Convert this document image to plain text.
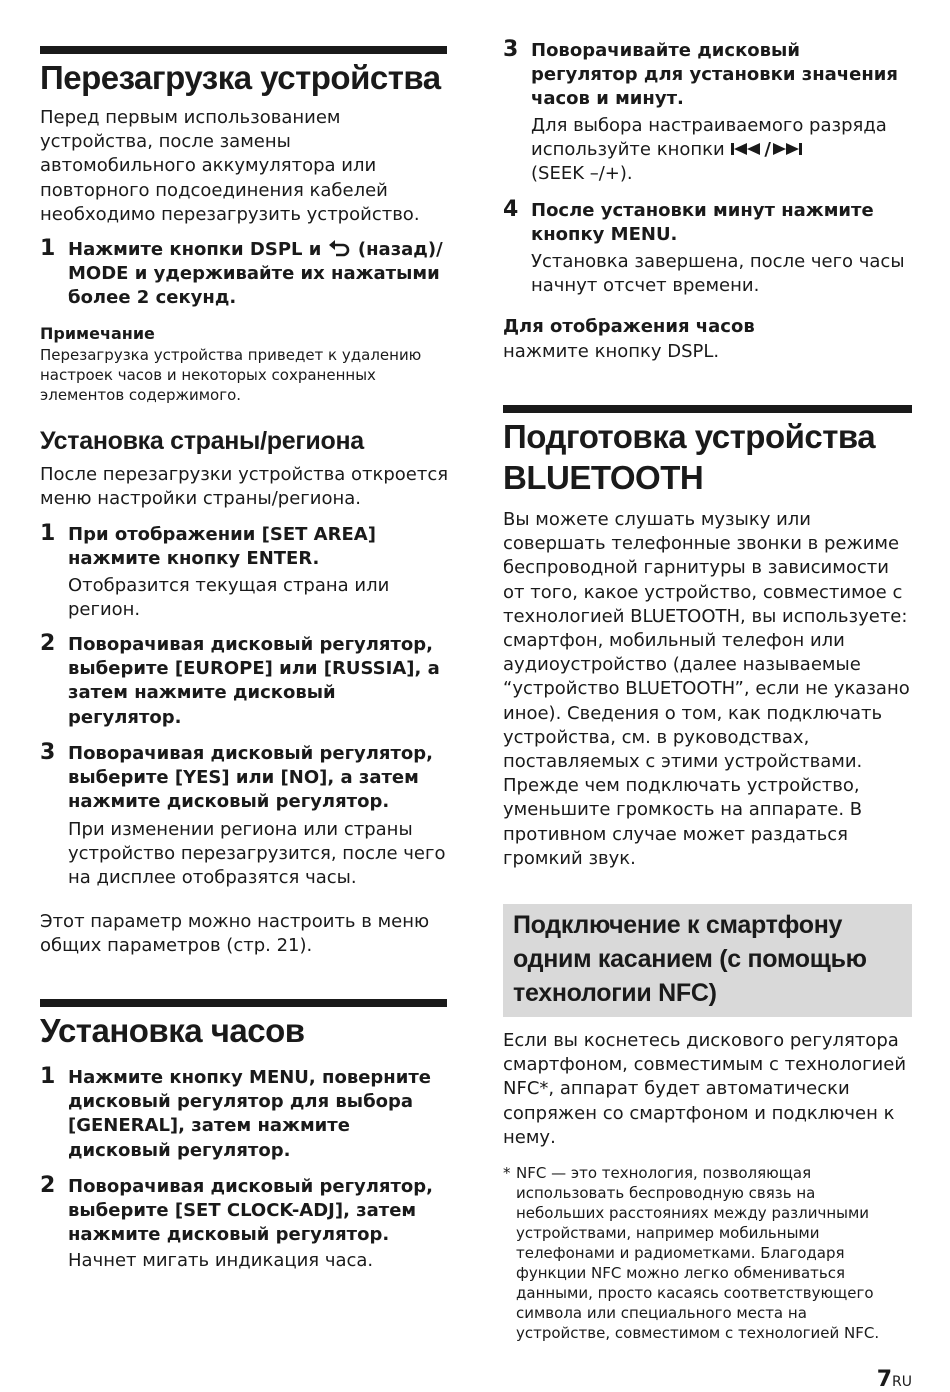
Перезагрузка устройства
Перед первым использованием
устройства, после замены
автомобильного аккумулятора или
повторного подсоединения кабелей
необходимо перезагрузить устройство.
1 Нажмите кнопки DSPL и  (назад)/
MODE и удерживайте их нажатыми
более 2 секунд.
Примечание
Перезагрузка устройства приведет к удалению
настроек часов и некоторых сохраненных
элементов содержимого.
Установка страны/региона
После перезагрузки устройства откроется
меню настройки страны/региона.
1 При отображении [SET AREA]
нажмите кнопку ENTER.
Отобразится текущая страна или
регион.
2 Поворачивая дисковый регулятор,
выберите [EUROPE] или [RUSSIA], а
затем нажмите дисковый
регулятор.
3 Поворачивая дисковый регулятор,
выберите [YES] или [NO], а затем
нажмите дисковый регулятор.
При изменении региона или страны
устройство перезагрузится, после чего
на дисплее отобразятся часы.
Этот параметр можно настроить в меню
общих параметров (стр. 21).
Установка часов
1 Нажмите кнопку MENU, поверните
дисковый регулятор для выбора
[GENERAL], затем нажмите
дисковый регулятор.
2 Поворачивая дисковый регулятор,
выберите [SET CLOCK-ADJ], затем
нажмите дисковый регулятор.
Начнет мигать индикация часа.
3 Поворачивайте дисковый
регулятор для установки значения
часов и минут.
Для выбора настраиваемого разряда
используйте кнопки /
(SEEK –/+).
4 После установки минут нажмите
кнопку MENU.
Установка завершена, после чего часы
начнут отсчет времени.
Для отображения часов
нажмите кнопку DSPL.
Подготовка устройства
BLUETOOTH
Вы можете слушать музыку или
совершать телефонные звонки в режиме
беспроводной гарнитуры в зависимости
от того, какое устройство, совместимое с
технологией BLUETOOTH, вы используете:
смартфон, мобильный телефон или
аудиоустройство (далее называемые
“устройство BLUETOOTH”, если не указано
иное). Сведения о том, как подключать
устройства, см. в руководствах,
поставляемых с этими устройствами.
Прежде чем подключать устройство,
уменьшите громкость на аппарате. В
противном случае может раздаться
громкий звук.
Подключение к смартфону
одним касанием (с помощью
технологии NFC)
Если вы коснетесь дискового регулятора
смартфоном, совместимым с технологией
NFC*, аппарат будет автоматически
сопряжен со смартфоном и подключен к
нему.
* NFC — это технология, позволяющая
использовать беспроводную связь на
небольших расстояниях между различными
устройствами, например мобильными
телефонами и радиометками. Благодаря
функции NFC можно легко обмениваться
данными, просто касаясь соответствующего
символа или специального места на
устройстве, совместимом с технологией NFC.
7RU
